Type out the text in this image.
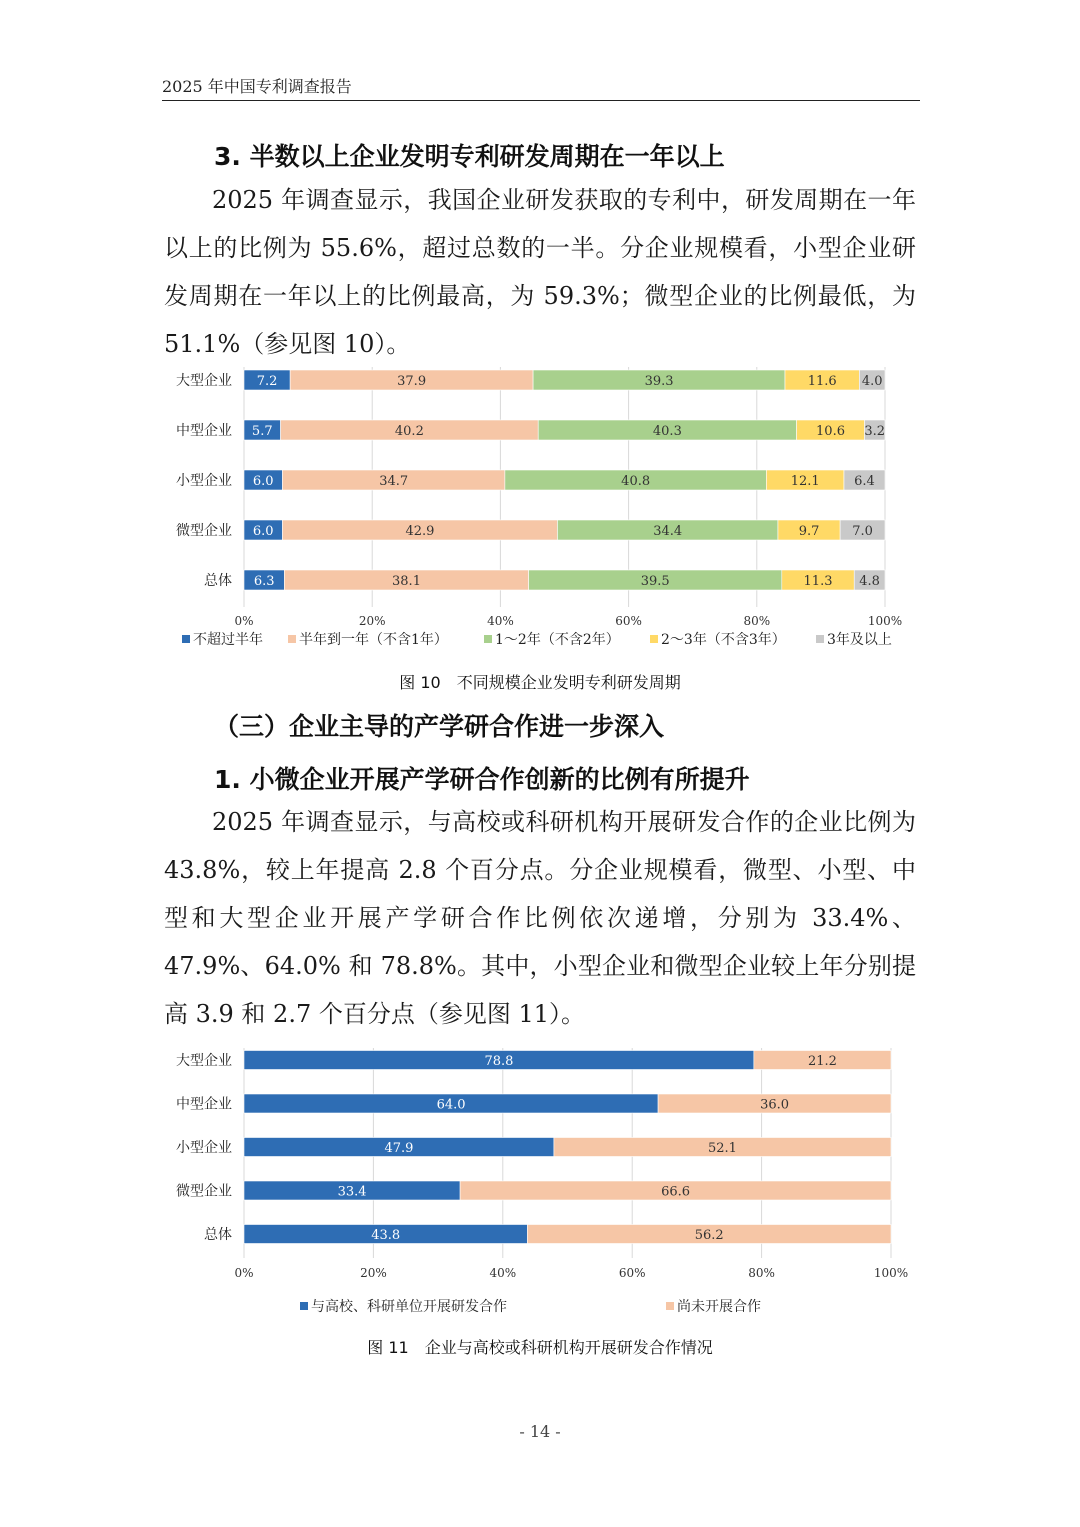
2025 年中国专利调查报告
3. 半数以上企业发明专利研发周期在一年以上
2025 年调查显示，我国企业研发获取的专利中，研发周期在一年以上的比例为 55.6%，超过总数的一半。分企业规模看，小型企业研发周期在一年以上的比例最高，为 59.3%；微型企业的比例最低，为 51.1%（参见图 10）。
0%	20%	40%	60%	80%	100%
大型企业 7.2	37.9	39.3	11.6 4.0
中型企业 5.7	40.2	40.3	10.6 3.2
小型企业 6.0	34.7	40.8	12.1	6.4
微型企业 6.0	42.9	34.4	9.7	7.0
总体 6.3	38.1	39.5	11.3 4.8
不超过半年	半年到一年（不含1年）	1～2年（不含2年）	2～3年（不含3年）	3年及以上
图 10　不同规模企业发明专利研发周期
（三）企业主导的产学研合作进一步深入
1. 小微企业开展产学研合作创新的比例有所提升
2025 年调查显示，与高校或科研机构开展研发合作的企业比例为 43.8%，较上年提高 2.8 个百分点。分企业规模看，微型、小型、中型和大型企业开展产学研合作比例依次递增，分别为 33.4%、47.9%、64.0% 和 78.8%。其中，小型企业和微型企业较上年分别提高 3.9 和 2.7 个百分点（参见图 11）。
0%	20%	40%	60%	80%	100%
大型企业	78.8	21.2
中型企业	64.0	36.0
小型企业	47.9	52.1
微型企业	33.4	66.6
总体	43.8	56.2
与高校、科研单位开展研发合作	尚未开展合作
图 11　企业与高校或科研机构开展研发合作情况
- 14 -
